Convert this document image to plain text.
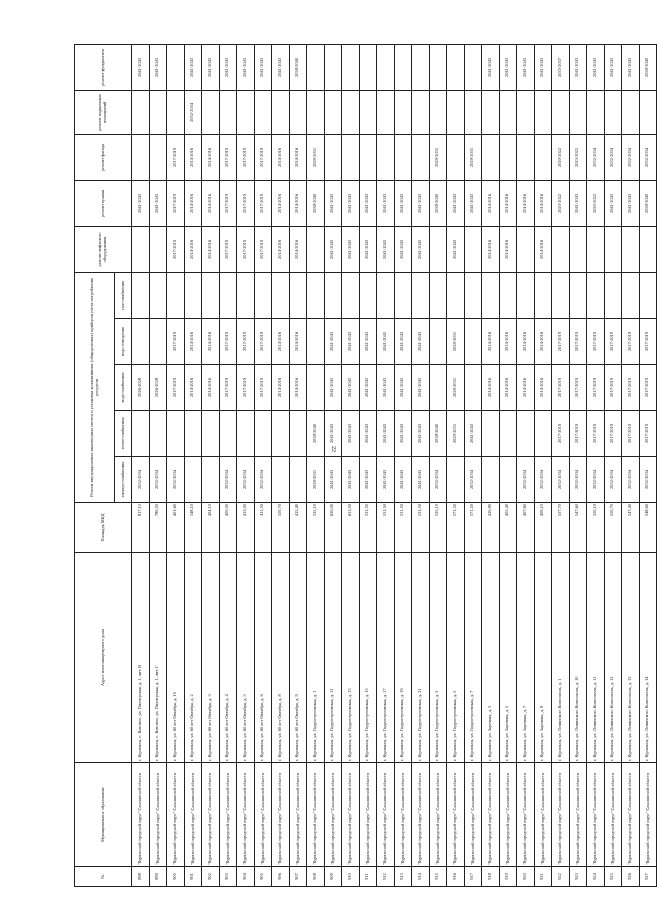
22
№	Муниципальное образование	Адрес многоквартирного дома	Площадь МКД	Ремонт внутридомовых инженерных систем и установка коллективных (общедомовых) приборов учета потребления ресурсов					ремонт лифтового оборудования	ремонт крыши	ремонт фасада	ремонт подвальных помещений	ремонт фундамента
				электро-снабжения	тепло-снабжения	водо-снабжения	водо-отведения	газо-снабжения					
898	"Курильский городской округ" Сахалинской области	г. Курильск, с. Китовое, ул. Пионерская, д. 1, лит. В	817,10	2032-2034		2026-2028				2041-2043			2041-2043
899	"Курильский городской округ" Сахалинской области	г. Курильск, с. Китовое, ул. Пионерская, д. 1, лит. Г	780,50	2032-2034		2026-2028				2041-2043			2041-2043
900	"Курильский городской округ" Сахалинской области	г. Курильск, ул. 60 лет Октября, д. 10	401,60	2032-2034		2017-2019	2017-2019		2017-2019	2017-2019	2017-2019		
901	"Курильский городской округ" Сахалинской области	г. Курильск, ул. 60 лет Октября, д. 2	548,10			2014-2016	2014-2016		2014-2016	2014-2016	2014-2016	2032-2034	2041-2043
902	"Курильский городской округ" Сахалинской области	г. Курильск, ул. 60 лет Октября, д. 3	404,10			2014-2016	2014-2016		2014-2016	2014-2016	2014-2016		2041-2043
903	"Курильский городской округ" Сахалинской области	г. Курильск, ул. 60 лет Октября, д. 4	400,00	2032-2034		2017-2019	2017-2019		2017-2019	2017-2019	2017-2019		2041-2043
904	"Курильский городской округ" Сахалинской области	г. Курильск, ул. 60 лет Октября, д. 5	413,00	2032-2034		2017-2019	2017-2019		2017-2019	2017-2019	2017-2019		2041-2043
905	"Курильский городской округ" Сахалинской области	г. Курильск, ул. 60 лет Октября, д. 6	411,50	2032-2034		2017-2019	2017-2019		2017-2019	2017-2019	2017-2019		2041-2043
906	"Курильский городской округ" Сахалинской области	г. Курильск, ул. 60 лет Октября, д. 8	550,70			2014-2016	2014-2016		2014-2016	2014-2016	2014-2016		2041-2043
907	"Курильский городской округ" Сахалинской области	г. Курильск, ул. 60 лет Октября, д. 9	415,40			2014-2016	2014-2016		2014-2016	2014-2016	2014-2016		2038-2040
908	"Курильский городской округ" Сахалинской области	г. Курильск, ул. Гидростроевская, д. 1	535,10	2029-2031	2038-2040					2038-2040	2029-2031		
909	"Курильский городской округ" Сахалинской области	г. Курильск, ул. Гидростроевская, д. 11	630,00	2041-2043	2041-2043	2041-2043	2041-2043		2041-2043	2041-2043			
910	"Курильский городской округ" Сахалинской области	г. Курильск, ул. Гидростроевская, д. 13	631,00	2041-2043	2041-2043	2041-2043	2041-2043		2041-2043	2041-2043			
911	"Курильский городской округ" Сахалинской области	г. Курильск, ул. Гидростроевская, д. 15	531,50	2041-2043	2041-2043	2041-2043	2041-2043		2041-2043	2041-2043			
912	"Курильский городской округ" Сахалинской области	г. Курильск, ул. Гидростроевская, д. 17	531,50	2041-2043	2041-2043	2041-2043	2041-2043		2041-2043	2041-2043			
913	"Курильский городской округ" Сахалинской области	г. Курильск, ул. Гидростроевская, д. 19	531,50	2041-2043	2041-2043	2041-2043	2041-2043		2041-2043	2041-2043			
914	"Курильский городской округ" Сахалинской области	г. Курильск, ул. Гидростроевская, д. 21	531,50	2041-2043	2041-2043	2041-2043	2041-2043		2041-2043	2041-2043			
915	"Курильский городской округ" Сахалинской области	г. Курильск, ул. Гидростроевская, д. 3	535,10	2032-2034	2038-2040					2038-2040	2029-2031		
916	"Курильский городской округ" Сахалинской области	г. Курильск, ул. Гидростроевская, д. 5	571,50		2029-2031	2029-2031	2029-2031		2041-2043	2041-2043			
917	"Курильский городской округ" Сахалинской области	г. Курильск, ул. Гидростроевская, д. 7	571,50	2032-2034	2041-2043					2041-2043	2029-2031		
918	"Курильский городской округ" Сахалинской области	г. Курильск, ул. Заречная, д. 3	410,80			2014-2016	2014-2016		2014-2016	2014-2016			2041-2043
919	"Курильский городской округ" Сахалинской области	г. Курильск, ул. Заречная, д. 5	405,40			2014-2016	2014-2016		2014-2016	2014-2016			2041-2043
920	"Курильский городской округ" Сахалинской области	г. Курильск, ул. Заречная, д. 7	407,60	2032-2034		2014-2016	2014-2016			2014-2016			2041-2043
921	"Курильский городской округ" Сахалинской области	г. Курильск, ул. Заречная, д. 9	409,10	2032-2034		2014-2016	2014-2016		2014-2016	2014-2016			2041-2043
922	"Курильский городской округ" Сахалинской области	г. Курильск, ул. Ленинского Комсомола, д. 1	537,70	2032-2034	2017-2019	2017-2019	2017-2019			2020-2022	2020-2022		2035-2037
923	"Курильский городской округ" Сахалинской области	г. Курильск, ул. Ленинского Комсомола, д. 10	547,60	2032-2034	2017-2019	2017-2019	2017-2019			2041-2043	2023-2025		2041-2043
924	"Курильский городской округ" Сахалинской области	г. Курильск, ул. Ленинского Комсомола, д. 11	550,10	2032-2034	2017-2019	2017-2019	2017-2019			2020-2022	2032-2034		2041-2043
925	"Курильский городской округ" Сахалинской области	г. Курильск, ул. Ленинского Комсомола, д. 12	550,70	2032-2034	2017-2019	2017-2019	2017-2019			2041-2043	2032-2034		2041-2043
926	"Курильский городской округ" Сахалинской области	г. Курильск, ул. Ленинского Комсомола, д. 13	547,40	2032-2034	2017-2019	2017-2019	2017-2019			2041-2043	2032-2034		2041-2043
927	"Курильский городской округ" Сахалинской области	г. Курильск, ул. Ленинского Комсомола, д. 14	548,60	2032-2034	2017-2019	2017-2019	2017-2019			2038-2040	2032-2034		2038-2040
